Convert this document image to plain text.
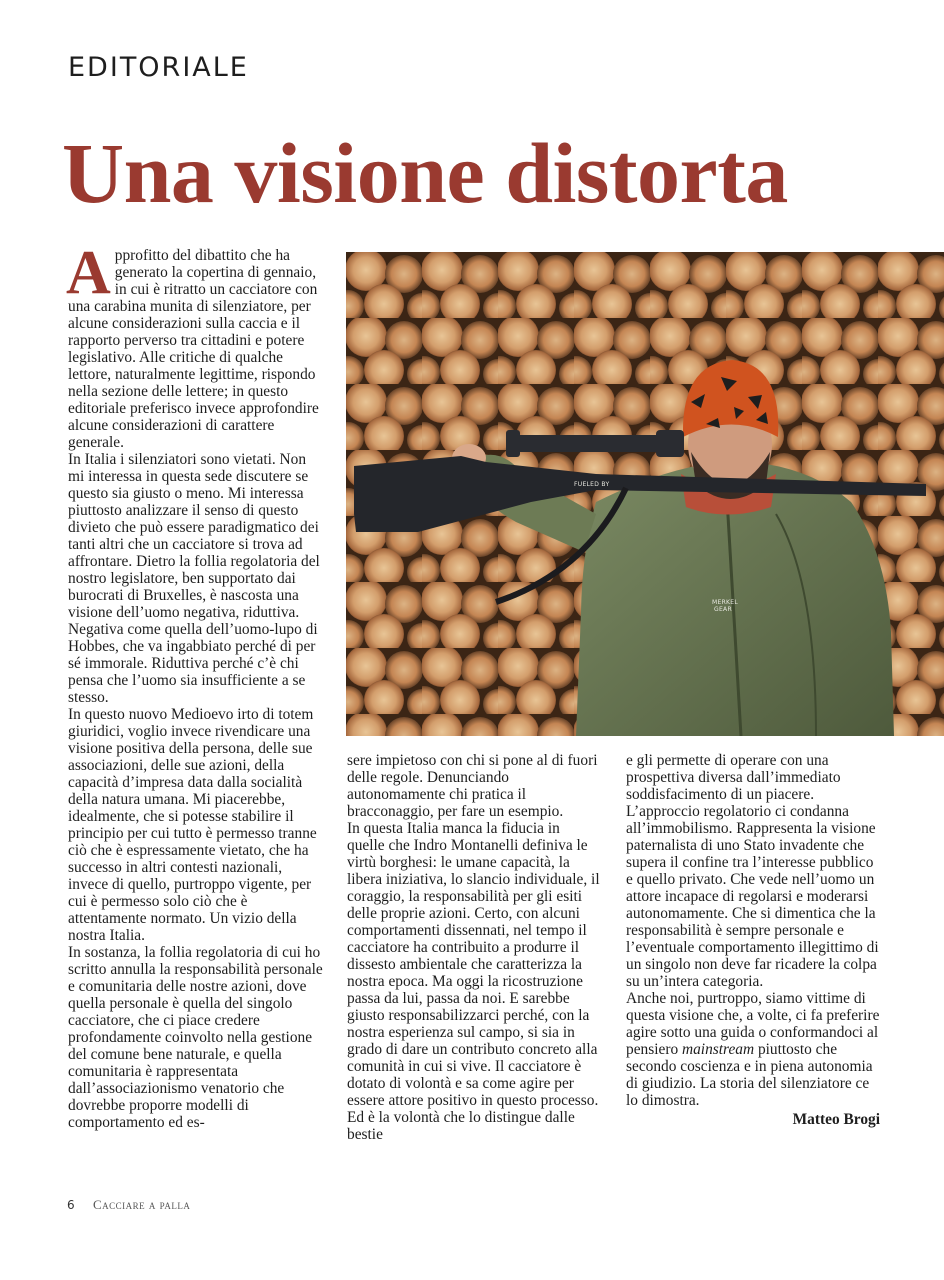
EDITORIALE
Una visione distorta

Approfitto del dibattito che ha generato la copertina di gennaio, in cui è ritratto un cacciatore con una carabina munita di silenziatore, per alcune considerazioni sulla caccia e il rapporto perverso tra cittadini e potere legislativo. Alle critiche di qualche lettore, naturalmente legittime, rispondo nella sezione delle lettere; in questo editoriale preferisco invece approfondire alcune considerazioni di carattere generale.

In Italia i silenziatori sono vietati. Non mi interessa in questa sede discutere se questo sia giusto o meno. Mi interessa piuttosto analizzare il senso di questo divieto che può essere paradigmatico dei tanti altri che un cacciatore si trova ad affrontare. Dietro la follia regolatoria del nostro legislatore, ben supportato dai burocrati di Bruxelles, è nascosta una visione dell’uomo negativa, riduttiva. Negativa come quella dell’uomo-lupo di Hobbes, che va ingabbiato perché di per sé immorale. Riduttiva perché c’è chi pensa che l’uomo sia insufficiente a se stesso.

In questo nuovo Medioevo irto di totem giuridici, voglio invece rivendicare una visione positiva della persona, delle sue associazioni, delle sue azioni, della capacità d’impresa data dalla socialità della natura umana. Mi piacerebbe, idealmente, che si potesse stabilire il principio per cui tutto è permesso tranne ciò che è espressamente vietato, che ha successo in altri contesti nazionali, invece di quello, purtroppo vigente, per cui è permesso solo ciò che è attentamente normato. Un vizio della nostra Italia.

In sostanza, la follia regolatoria di cui ho scritto annulla la responsabilità personale e comunitaria delle nostre azioni, dove quella personale è quella del singolo cacciatore, che ci piace credere profondamente coinvolto nella gestione del comune bene naturale, e quella comunitaria è rappresentata dall’associazionismo venatorio che dovrebbe proporre modelli di comportamento ed es-

FUELED BY
MERKEL
GEAR

sere impietoso con chi si pone al di fuori delle regole. Denunciando autonomamente chi pratica il bracconaggio, per fare un esempio.

In questa Italia manca la fiducia in quelle che Indro Montanelli definiva le virtù borghesi: le umane capacità, la libera iniziativa, lo slancio individuale, il coraggio, la responsabilità per gli esiti delle proprie azioni. Certo, con alcuni comportamenti dissennati, nel tempo il cacciatore ha contribuito a produrre il dissesto ambientale che caratterizza la nostra epoca. Ma oggi la ricostruzione passa da lui, passa da noi. E sarebbe giusto responsabilizzarci perché, con la nostra esperienza sul campo, si sia in grado di dare un contributo concreto alla comunità in cui si vive. Il cacciatore è dotato di volontà e sa come agire per essere attore positivo in questo processo. Ed è la volontà che lo distingue dalle bestie

e gli permette di operare con una prospettiva diversa dall’immediato soddisfacimento di un piacere.

L’approccio regolatorio ci condanna all’immobilismo. Rappresenta la visione paternalista di uno Stato invadente che supera il confine tra l’interesse pubblico e quello privato. Che vede nell’uomo un attore incapace di regolarsi e moderarsi autonomamente. Che si dimentica che la responsabilità è sempre personale e l’eventuale comportamento illegittimo di un singolo non deve far ricadere la colpa su un’intera categoria.

Anche noi, purtroppo, siamo vittime di questa visione che, a volte, ci fa preferire agire sotto una guida o conformandoci al pensiero mainstream piuttosto che secondo coscienza e in piena autonomia di giudizio. La storia del silenziatore ce lo dimostra.

Matteo Brogi

6 Cacciare a palla
